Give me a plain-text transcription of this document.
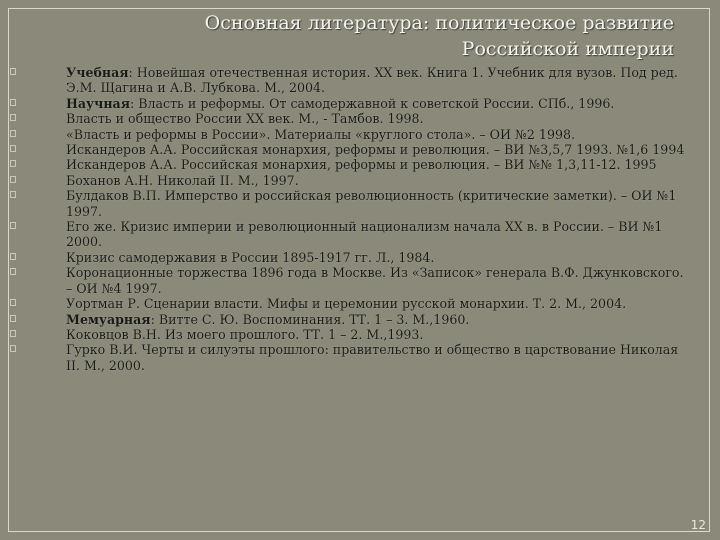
Основная литература: политическое развитие
Российской империи
Учебная: Новейшая отечественная история. XX век. Книга 1. Учебник для вузов. Под ред. Э.М. Щагина и А.В. Лубкова. М., 2004.
Научная: Власть и реформы. От самодержавной к советской России. СПб., 1996.
Власть и общество России XX век. М., - Тамбов. 1998.
«Власть и реформы в России». Материалы «круглого стола». – ОИ №2 1998.
Искандеров А.А. Российская монархия, реформы и революция. – ВИ №3,5,7 1993. №1,6 1994
Искандеров А.А. Российская монархия, реформы и революция. – ВИ №№ 1,3,11-12. 1995
Боханов А.Н. Николай II. М., 1997.
Булдаков В.П. Имперство и российская революционность (критические заметки). – ОИ №1 1997.
Его же. Кризис империи и революционный национализм начала XX в. в России. – ВИ №1 2000.
Кризис самодержавия в России 1895-1917 гг. Л., 1984.
Коронационные торжества 1896 года в Москве. Из «Записок» генерала В.Ф. Джунковского. – ОИ №4 1997.
Уортман Р. Сценарии власти. Мифы и церемонии русской монархии. Т. 2. М., 2004.
Мемуарная: Витте С. Ю. Воспоминания. ТТ. 1 – 3. М.,1960.
Коковцов В.Н. Из моего прошлого. ТТ. 1 – 2. М.,1993.
Гурко В.И. Черты и силуэты прошлого: правительство и общество в царствование Николая II. М., 2000.
12
